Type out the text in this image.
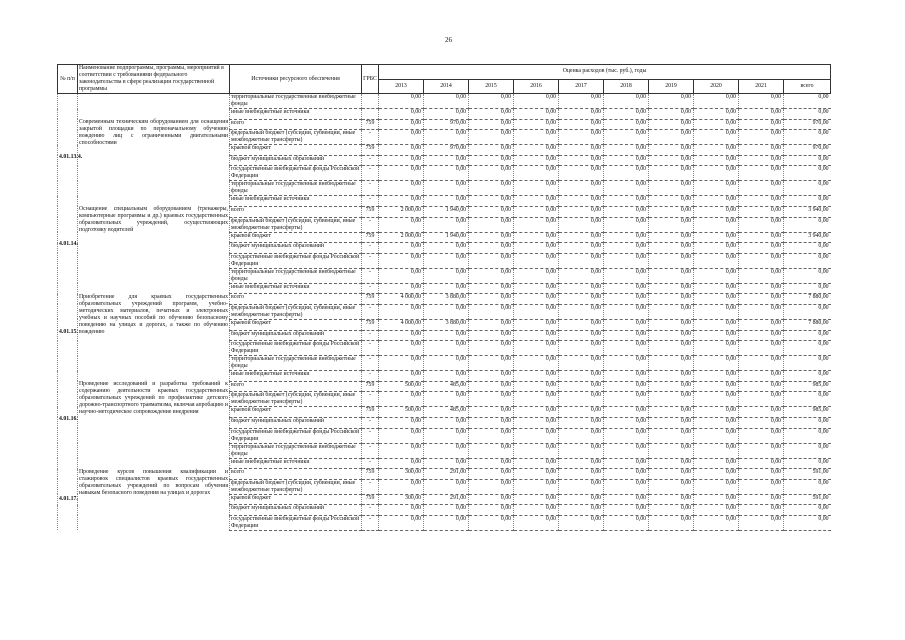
26
№ п/п	Наименование подпрограммы, программы, мероприятий в соответствии с требованиями федерального законодательства в сфере реализации государственной программы	Источники ресурсного обеспечения	ГРБС	Оценка расходов (тыс. руб.), годы									
				2013	2014	2015	2016	2017	2018	2019	2020	2021	всего
		территориальные государственные внебюджетные фонды		0,00	0,00	0,00	0,00	0,00	0,00	0,00	0,00	0,00	0,00
		иные внебюджетные источники		0,00	0,00	0,00	0,00	0,00	0,00	0,00	0,00	0,00	0,00
4.01.13.4.	Современным техническим оборудованием для оснащения закрытой площадки по первоначальному обучению вождению лиц с ограниченными двигательными способностями	всего	759	0,00	970,00	0,00	0,00	0,00	0,00	0,00	0,00	0,00	970,00
		федеральный бюджет (субсидии, субвенции, иные межбюджетные трансферты)	-	0,00	0,00	0,00	0,00	0,00	0,00	0,00	0,00	0,00	0,00
		краевой бюджет	759	0,00	970,00	0,00	0,00	0,00	0,00	0,00	0,00	0,00	970,00
		бюджет муниципальных образований	-	0,00	0,00	0,00	0,00	0,00	0,00	0,00	0,00	0,00	0,00
		государственные внебюджетные фонды Российской Федерации	-	0,00	0,00	0,00	0,00	0,00	0,00	0,00	0,00	0,00	0,00
		территориальные государственные внебюджетные фонды	-	0,00	0,00	0,00	0,00	0,00	0,00	0,00	0,00	0,00	0,00
		иные внебюджетные источники	-	0,00	0,00	0,00	0,00	0,00	0,00	0,00	0,00	0,00	0,00
4.01.14.	Оснащение специальным оборудованием (тренажеры, компьютерные программы и др.) краевых государственных образовательных учреждений, осуществляющих подготовку водителей	всего	759	2 000,00	1 940,00	0,00	0,00	0,00	0,00	0,00	0,00	0,00	3 940,00
		федеральный бюджет (субсидии, субвенции, иные межбюджетные трансферты)	-	0,00	0,00	0,00	0,00	0,00	0,00	0,00	0,00	0,00	0,00
		краевой бюджет	759	2 000,00	1 940,00	0,00	0,00	0,00	0,00	0,00	0,00	0,00	3 940,00
		бюджет муниципальных образований	-	0,00	0,00	0,00	0,00	0,00	0,00	0,00	0,00	0,00	0,00
		государственные внебюджетные фонды Российской Федерации	-	0,00	0,00	0,00	0,00	0,00	0,00	0,00	0,00	0,00	0,00
		территориальные государственные внебюджетные фонды	-	0,00	0,00	0,00	0,00	0,00	0,00	0,00	0,00	0,00	0,00
		иные внебюджетные источники	-	0,00	0,00	0,00	0,00	0,00	0,00	0,00	0,00	0,00	0,00
4.01.15.	Приобретение для краевых государственных образовательных учреждений программ, учебно-методических материалов, печатных и электронных учебных и научных пособий по обучению безопасному поведению на улицах и дорогах, а также по обучению вождению	всего	759	4 000,00	3 880,00	0,00	0,00	0,00	0,00	0,00	0,00	0,00	7 880,00
		федеральный бюджет (субсидии, субвенции, иные межбюджетные трансферты)	-	0,00	0,00	0,00	0,00	0,00	0,00	0,00	0,00	0,00	0,00
		краевой бюджет	759	4 000,00	3 880,00	0,00	0,00	0,00	0,00	0,00	0,00	0,00	7 880,00
		бюджет муниципальных образований	-	0,00	0,00	0,00	0,00	0,00	0,00	0,00	0,00	0,00	0,00
		государственные внебюджетные фонды Российской Федерации	-	0,00	0,00	0,00	0,00	0,00	0,00	0,00	0,00	0,00	0,00
		территориальные государственные внебюджетные фонды	-	0,00	0,00	0,00	0,00	0,00	0,00	0,00	0,00	0,00	0,00
		иные внебюджетные источники	-	0,00	0,00	0,00	0,00	0,00	0,00	0,00	0,00	0,00	0,00
4.01.16.	Проведение исследований и разработка требований к содержанию деятельности краевых государственных образовательных учреждений по профилактике детского дорожно-транспортного травматизма, включая апробацию и научно-методическое сопровождение внедрения	всего	759	500,00	485,00	0,00	0,00	0,00	0,00	0,00	0,00	0,00	985,00
		федеральный бюджет (субсидии, субвенции, иные межбюджетные трансферты)	-	0,00	0,00	0,00	0,00	0,00	0,00	0,00	0,00	0,00	0,00
		краевой бюджет	759	500,00	485,00	0,00	0,00	0,00	0,00	0,00	0,00	0,00	985,00
		бюджет муниципальных образований	-	0,00	0,00	0,00	0,00	0,00	0,00	0,00	0,00	0,00	0,00
		государственные внебюджетные фонды Российской Федерации	-	0,00	0,00	0,00	0,00	0,00	0,00	0,00	0,00	0,00	0,00
		территориальные государственные внебюджетные фонды	-	0,00	0,00	0,00	0,00	0,00	0,00	0,00	0,00	0,00	0,00
		иные внебюджетные источники	-	0,00	0,00	0,00	0,00	0,00	0,00	0,00	0,00	0,00	0,00
4.01.17.	Проведение курсов повышения квалификации и стажировок специалистов краевых государственных образовательных учреждений по вопросам обучения навыкам безопасного поведения на улицах и дорогах	всего	759	300,00	291,00	0,00	0,00	0,00	0,00	0,00	0,00	0,00	591,00
		федеральный бюджет (субсидии, субвенции, иные межбюджетные трансферты)	-	0,00	0,00	0,00	0,00	0,00	0,00	0,00	0,00	0,00	0,00
		краевой бюджет	759	300,00	291,00	0,00	0,00	0,00	0,00	0,00	0,00	0,00	591,00
		бюджет муниципальных образований	-	0,00	0,00	0,00	0,00	0,00	0,00	0,00	0,00	0,00	0,00
		государственные внебюджетные фонды Российской Федерации	-	0,00	0,00	0,00	0,00	0,00	0,00	0,00	0,00	0,00	0,00
